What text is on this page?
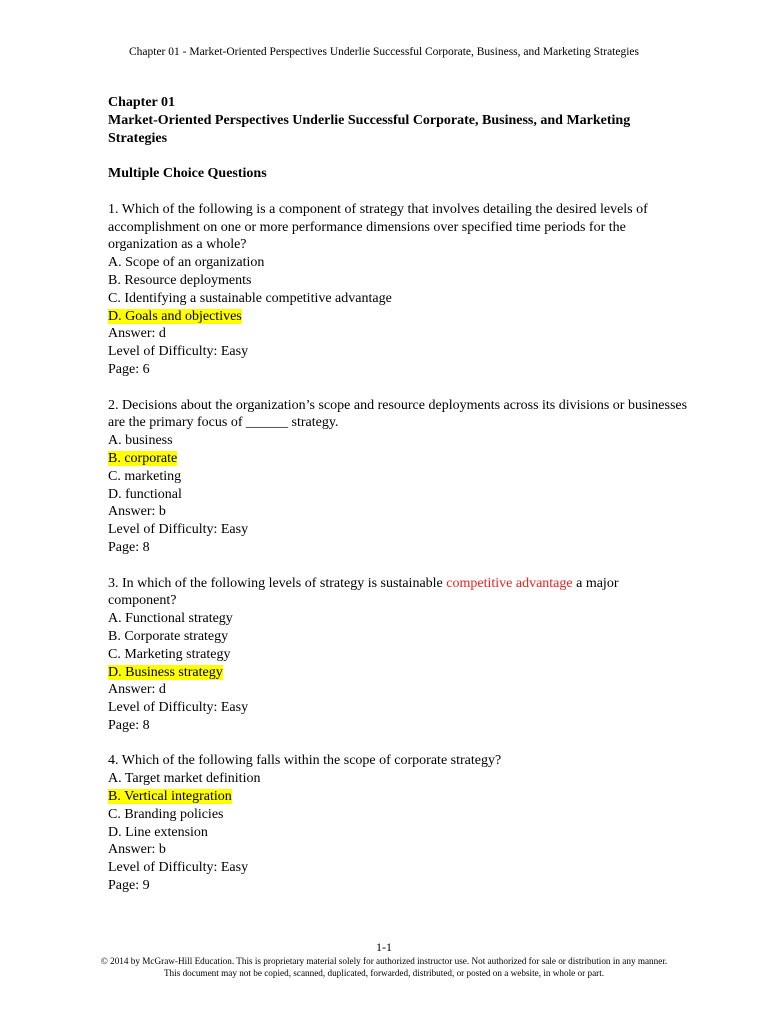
Chapter 01 - Market-Oriented Perspectives Underlie Successful Corporate, Business, and Marketing Strategies

Chapter 01

Market-Oriented Perspectives Underlie Successful Corporate, Business, and Marketing Strategies

Multiple Choice Questions

1. Which of the following is a component of strategy that involves detailing the desired levels of accomplishment on one or more performance dimensions over specified time periods for the organization as a whole?

A. Scope of an organization

B. Resource deployments

C. Identifying a sustainable competitive advantage

D. Goals and objectives

Answer: d

Level of Difficulty: Easy

Page: 6

2. Decisions about the organization’s scope and resource deployments across its divisions or businesses are the primary focus of ______ strategy.

A. business

B. corporate

C. marketing

D. functional

Answer: b

Level of Difficulty: Easy

Page: 8

3. In which of the following levels of strategy is sustainable competitive advantage a major component?

A. Functional strategy

B. Corporate strategy

C. Marketing strategy

D. Business strategy

Answer: d

Level of Difficulty: Easy

Page: 8

4. Which of the following falls within the scope of corporate strategy?

A. Target market definition

B. Vertical integration

C. Branding policies

D. Line extension

Answer: b

Level of Difficulty: Easy

Page: 9

1-1
© 2014 by McGraw-Hill Education. This is proprietary material solely for authorized instructor use. Not authorized for sale or distribution in any manner. This document may not be copied, scanned, duplicated, forwarded, distributed, or posted on a website, in whole or part.
